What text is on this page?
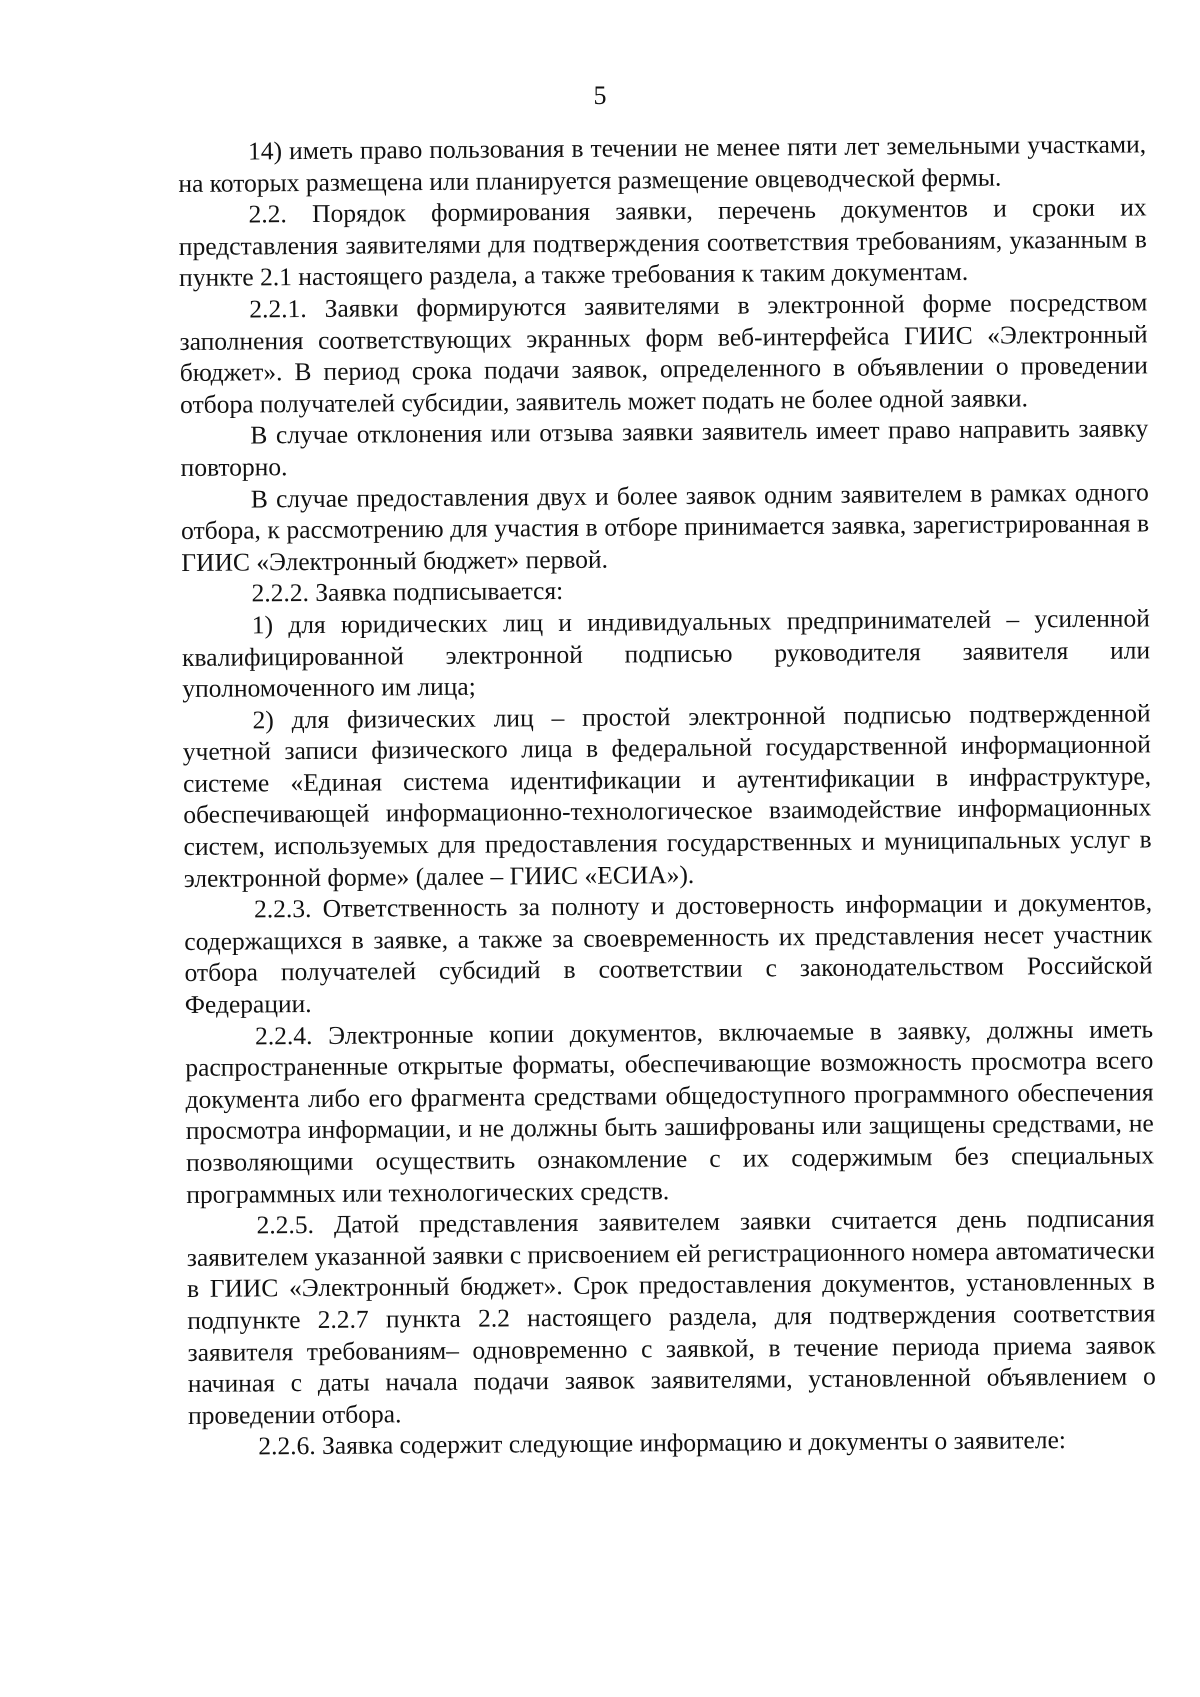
5

14) иметь право пользования в течении не менее пяти лет земельными участками, на которых размещена или планируется размещение овцеводческой фермы.

2.2. Порядок формирования заявки, перечень документов и сроки их представления заявителями для подтверждения соответствия требованиям, указанным в пункте 2.1 настоящего раздела, а также требования к таким документам.

2.2.1. Заявки формируются заявителями в электронной форме посредством заполнения соответствующих экранных форм веб-интерфейса ГИИС «Электронный бюджет». В период срока подачи заявок, определенного в объявлении о проведении отбора получателей субсидии, заявитель может подать не более одной заявки.

В случае отклонения или отзыва заявки заявитель имеет право направить заявку повторно.

В случае предоставления двух и более заявок одним заявителем в рамках одного отбора, к рассмотрению для участия в отборе принимается заявка, зарегистрированная в ГИИС «Электронный бюджет» первой.

2.2.2. Заявка подписывается:

1) для юридических лиц и индивидуальных предпринимателей – усиленной квалифицированной электронной подписью руководителя заявителя или уполномоченного им лица;

2) для физических лиц – простой электронной подписью подтвержденной учетной записи физического лица в федеральной государственной информационной системе «Единая система идентификации и аутентификации в инфраструктуре, обеспечивающей информационно-технологическое взаимодействие информационных систем, используемых для предоставления государственных и муниципальных услуг в электронной форме» (далее – ГИИС «ЕСИА»).

2.2.3. Ответственность за полноту и достоверность информации и документов, содержащихся в заявке, а также за своевременность их представления несет участник отбора получателей субсидий в соответствии с законодательством Российской Федерации.

2.2.4. Электронные копии документов, включаемые в заявку, должны иметь распространенные открытые форматы, обеспечивающие возможность просмотра всего документа либо его фрагмента средствами общедоступного программного обеспечения просмотра информации, и не должны быть зашифрованы или защищены средствами, не позволяющими осуществить ознакомление с их содержимым без специальных программных или технологических средств.

2.2.5. Датой представления заявителем заявки считается день подписания заявителем указанной заявки с присвоением ей регистрационного номера автоматически в ГИИС «Электронный бюджет». Срок предоставления документов, установленных в подпункте 2.2.7 пункта 2.2 настоящего раздела, для подтверждения соответствия заявителя требованиям– одновременно с заявкой, в течение периода приема заявок начиная с даты начала подачи заявок заявителями, установленной объявлением о проведении отбора.

2.2.6. Заявка содержит следующие информацию и документы о заявителе:
